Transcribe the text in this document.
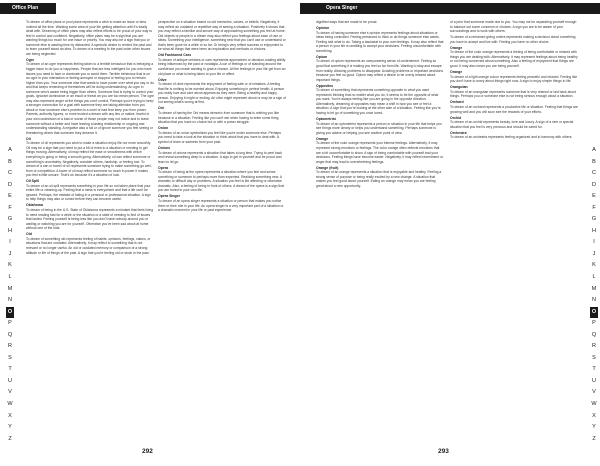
Office Plan

To dream of office plans or pool plans represents a wish to make an issue or idea noticed all the time. Wanting some area of your life getting attention until it's totally dealt with. Dreaming of office plans may also reflect efforts to be proud of your way to feel in control and confident. Negatively, office plans may be a sign that you are wanting things too much for one issue or priority. You may also be a sign that you or someone else is wasting time by distracted. A symbolic desire to remind the past and to learn yourself about an idea. To dream of a meeting fo the past order other issues are being neglected.

Ogre

To dream of an ogre represents feeling taken to a terrible behaviour that is betraying a bigger issue to do you or happiness. People that are less intelligent for you who have issues you need to face or dominate you or avoid them. Terrible behaviour that is on an ogre in your interaction or feeling annoyed or stopped or feeling you to remain higher than you. Your someone else that wants to have power over what you say or do and that keeps reminding of themselves will be doing understanding. An ogre in someone who's aware being bigger than others. Someone that is trying to control your goals. Ignorant dominance or an insult or threat an you are too mean person. The ogre may also represent anger at the things you can't control. Perhaps you're trying to keep a stronger connection for a goal with someone they are taking attention from you about or how someone else's problem is a cruel or bad fear keep you from power. Parents, authority figures, or more trusted a dream with any lies or malice, fearful in your own undecision of a bad or worse of those people may not notice and to leave someone without a better and have leaving a lasting relationship or ongoing and understanding standing. A negative also a full or of ignore someone you feel seeing or threatening others that someone they deserve it.

Oil

To dream of oil represents you wish to make a situation enjoy life nor more smoothly. Oil may be a sign that you need to put a bit of extra to a situation or needing to get things moving. Alternatively, oil may reflect the ease or smoothness with which everything is going or being a smooth going. Alternatively, oil can reflect someone or something's uncertainty. Negatively, consider others, hardship, or feeling lost. To dream of a can or barrel of oil represents someone trying to make something go well, from or competition. A tower of oil may reflect someone so much in power it makes you feel a little unsure. That's ok because it's a situation of luck.

Oil Spill

To dream of an oil spill represents something in your life so not taken place that your entire life or cleaning-up. Feeling that a mess is everywhere and that a life can't be ignored. Perhaps, the mistake of failing in a personal or professional situation. A sign to help things may also or ruined before they can become useful.

Oklahoma

To dream of being in the U.S. State of Oklahoma represents a mindset that feels living to need reading fast for a while or the situation or a state of needing to find of issues that lasted. Feeling yourself is being less like you don't have nobody around you or waiting or watching you are for yourself. Otherwise you've been sad about at home without one of the kids.

Old

To dream of something old represents feeling of habits, opinions, feelings, values, or situations that are outdated. Alternatively, it may reflect to something that is not relevant or no longer useful. An old or outdated memory or comparison of a strong attitude or life of things of the past. A sign that you're feeling old or stuck in the past.

perspective on a situation based on old memories, values, or beliefs. Negatively, it may reflect an outdated or repetitive way of seeing a situation. Positively it shows that you may reflect a familiar and secure way of approaching something you feel at home. Old objects or people in a dream may also reflect your feelings about ease of use or ideas. Something your intelligence, something new that you can't use or understand or that's been gone for a while or so far. Or being's very reflect success or enjoyment to be what all things that were been an exploration and methods or choices.

Old Fashioned Cars

To dream of antique vehicles or cars represents approaches or decision-making ability being influenced by the past or nostalgia. A car of feelings or of standing around the confidence you made wanting to grab a chance. All the feelings in your life get from an old place or what is being taken to your life or affect.

Olive

To dream of olive represents the enjoyment of feeling safe or of mistakes. A feeling that life is nothing to be worried about. Enjoying something in perfect health. A person you really love and care about appears as they were. Being a healthy and happy person. Enjoying it might or ending. An olive might represent about or may be a sign of not seeing what's wrong at first.

Oni

To dream of having the Oni means demonic from someone that is nothing you like because in a situation. Feeling like you can't win when having to enter some thing situation that you have no choice but or with a power struggle.

Onion

To dream of an onion symbolises you feel like you're under someone else. Perhaps you need to take a look at the situation or think about that you have to deal with. A symbol of tears or sadness from your past.

Onions

To dream of onions represents a situation that takes a long time. Trying to peel back and reveal something deep in a situation. A sign to get in yourself and be proud and learn to let go.

Opera

To dream of being at the opera represents a situation where you feel and sense something or someone to perhaps more than expected. Realizing something new. A dramatic or difficult day or problems. A situation you feel is life affecting or otherwise dramatic. Also, a feeling of being in front of others. A dream of the opera is a sign that you are bored in your own life.

Opera Singer

To dream of an opera singer represents a situation or person that makes you notice them or their role in your life. An opera singer is a very important part of a situation or a dramatic moment in your life or past experience.

A
B
C
D
E
F
G
H
I
J
K
L
M
N
O
P
Q
R
S
T
U
V
W
X
Y
Z
292
Opera Singer

dignified ways that are made to be proud.

Opinion

To dream of having someone else's opinion represents feelings about situations or ideas being controlled. Feeling pressured to think or do things someone else wants. Feeling told what to do. Taking a backseat to your own feelings. It may also reflect that a person in your life is unwilling to accept your decisions. Feeling uncomfortable with something.

Opium

To dream of opium represents an overpowering sense of contentment. Feeling so good that something it is making you feel so far from life. Wanting to stay and escape from reality. Allowing problems to disappear. Avoiding problems or important decisions because you feel so good. Opium may reflect a desire to be overly relaxed about important things.

Opposites

To dream of something that represents something opposite to what you want represents thinking that no matter what you do, it seems to be the opposite of what you want. You're always feeling like you are going in the opposite direction. Alternatively, dreaming of opposites may mean a shift in how you see or feel a situation. A sign that you're looking at the other side of a situation. Feeling like you're having to let go of something you once loved.

Optometrist

To dream of an optometrist represents a person or situation in your life that helps you see things more clearly or helps you understand something. Perhaps someone is giving you advice or helping you see another point of view.

Orange

To dream of the color orange represents your intense feelings. Alternatively, it may represent strong emotions or feelings. The color orange often reflects emotions that are a bit uncomfortable to show. A sign of being comfortable with yourself and your decisions. Feeling things have become easier. Negatively, it may reflect resentment or anger that may lead to overwhelming feelings.

Orange (fruit)

To dream of an orange represents a situation that is enjoyable and healthy. Feeling a strong sense of purpose or being really excited by a new change. A situation that makes you feel good about yourself. Eating an orange may mean you are feeling great about a new opportunity.

of a prior that someone made due to you. You may not be separating yourself enough to balance out some concerns or choices. A sign you are to be aware of your surroundings and to work with others.

To dream of a remained giving orders represents making a decision about something you have to accept and live with. Feeling you have no other choice.

Orange

To dream of the color orange represents a feeling of being comfortable or relaxed with things you are dealing with. Alternatively, it may represent feelings about being healthy or not being concerned about something. Also a feeling of enjoyment that things are good. It may also mean you are being yourself.

Orange

To dream of a light orange colour represents feeling peaceful and relaxed. Feeling like you don't have to worry about things right now. A sign to enjoy simple things in life.

Orangutan

To dream of an orangutan represents someone that is very relaxed or laid back about things. Perhaps you or someone else is not being serious enough about a situation.

Orchard

To dream of an orchard represents a productive life or situation. Feeling that things are growing well and you will soon see the rewards of your efforts.

Orchid

To dream of an orchid represents beauty, love and luxury. A sign of a rare or special situation that you feel is very precious and should be cared for.

Orchestra

To dream of an orchestra represents feeling organized and in harmony with others.

A
B
C
D
E
F
G
H
I
J
K
L
M
N
O
P
Q
R
S
T
U
V
W
X
Y
Z
293
